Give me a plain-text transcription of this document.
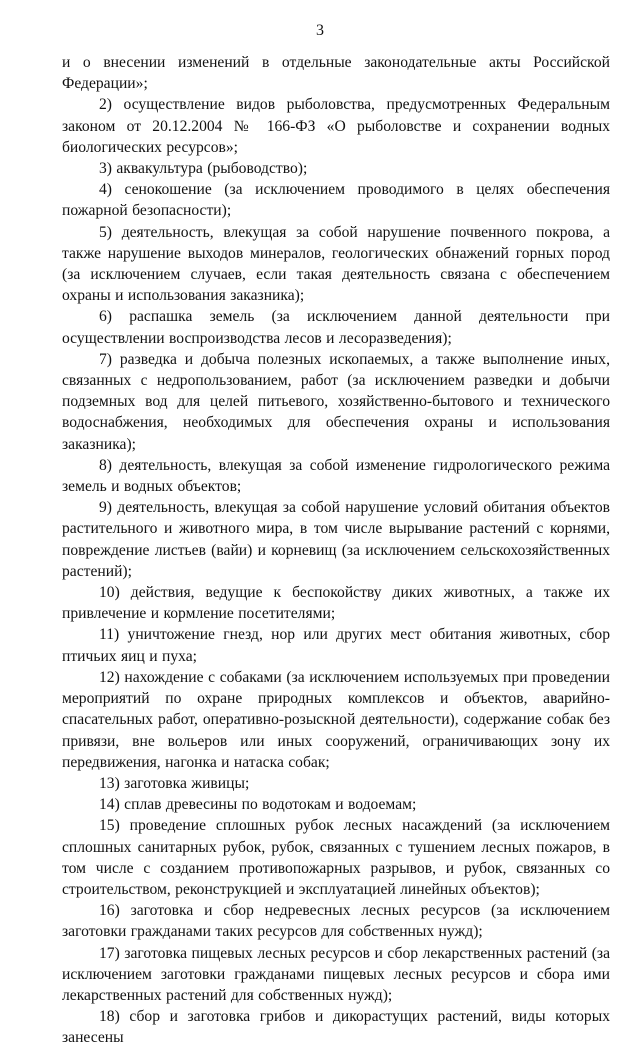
3

и о внесении изменений в отдельные законодательные акты Российской Федерации»;

2) осуществление видов рыболовства, предусмотренных Федеральным законом от 20.12.2004 № 166-ФЗ «О рыболовстве и сохранении водных биологических ресурсов»;

3) аквакультура (рыбоводство);

4) сенокошение (за исключением проводимого в целях обеспечения пожарной безопасности);

5) деятельность, влекущая за собой нарушение почвенного покрова, а также нарушение выходов минералов, геологических обнажений горных пород (за исключением случаев, если такая деятельность связана с обеспечением охраны и использования заказника);

6) распашка земель (за исключением данной деятельности при осуществлении воспроизводства лесов и лесоразведения);

7) разведка и добыча полезных ископаемых, а также выполнение иных, связанных с недропользованием, работ (за исключением разведки и добычи подземных вод для целей питьевого, хозяйственно-бытового и технического водоснабжения, необходимых для обеспечения охраны и использования заказника);

8) деятельность, влекущая за собой изменение гидрологического режима земель и водных объектов;

9) деятельность, влекущая за собой нарушение условий обитания объектов растительного и животного мира, в том числе вырывание растений с корнями, повреждение листьев (вайи) и корневищ (за исключением сельскохозяйственных растений);

10) действия, ведущие к беспокойству диких животных, а также их привлечение и кормление посетителями;

11) уничтожение гнезд, нор или других мест обитания животных, сбор птичьих яиц и пуха;

12) нахождение с собаками (за исключением используемых при проведении мероприятий по охране природных комплексов и объектов, аварийно-спасательных работ, оперативно-розыскной деятельности), содержание собак без привязи, вне вольеров или иных сооружений, ограничивающих зону их передвижения, нагонка и натаска собак;

13) заготовка живицы;

14) сплав древесины по водотокам и водоемам;

15) проведение сплошных рубок лесных насаждений (за исключением сплошных санитарных рубок, рубок, связанных с тушением лесных пожаров, в том числе с созданием противопожарных разрывов, и рубок, связанных со строительством, реконструкцией и эксплуатацией линейных объектов);

16) заготовка и сбор недревесных лесных ресурсов (за исключением заготовки гражданами таких ресурсов для собственных нужд);

17) заготовка пищевых лесных ресурсов и сбор лекарственных растений (за исключением заготовки гражданами пищевых лесных ресурсов и сбора ими лекарственных растений для собственных нужд);

18) сбор и заготовка грибов и дикорастущих растений, виды которых занесены
